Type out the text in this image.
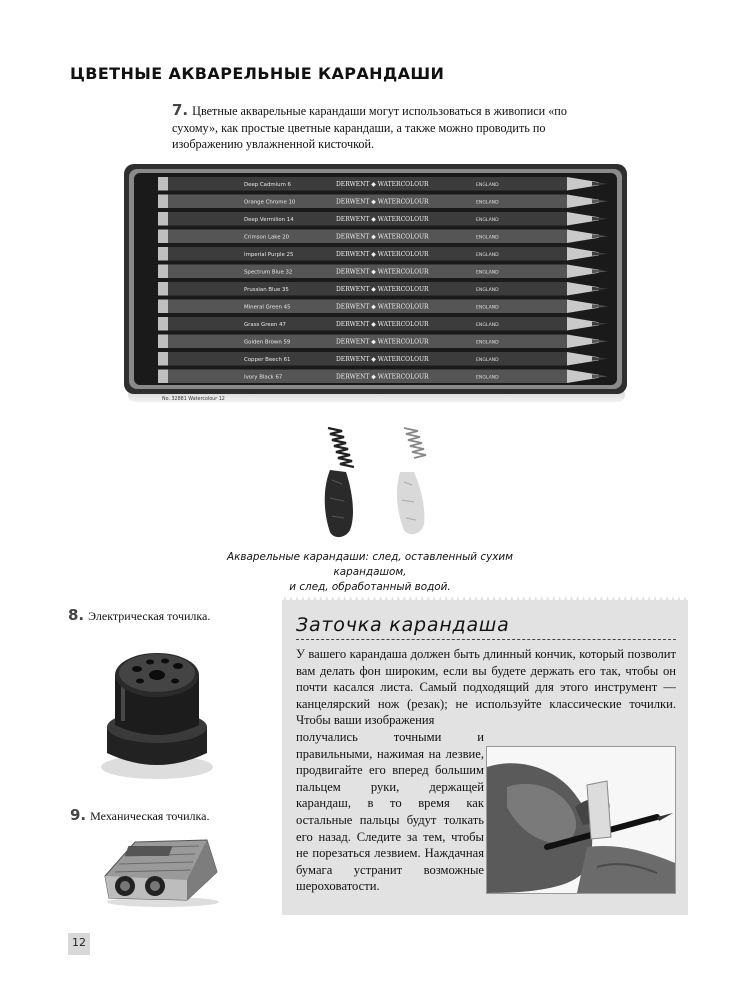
ЦВЕТНЫЕ АКВАРЕЛЬНЫЕ КАРАНДАШИ
7. Цветные акварельные карандаши могут использоваться в живописи «по сухому», как простые цветные карандаши, а также можно проводить по изображению увлажненной кисточкой.
Deep Cadmium 6	DERWENT ◆ WATERCOLOUR	ENGLAND
Orange Chrome 10	DERWENT ◆ WATERCOLOUR	ENGLAND
Deep Vermilion 14	DERWENT ◆ WATERCOLOUR	ENGLAND
Crimson Lake 20	DERWENT ◆ WATERCOLOUR	ENGLAND
Imperial Purple 25	DERWENT ◆ WATERCOLOUR	ENGLAND
Spectrum Blue 32	DERWENT ◆ WATERCOLOUR	ENGLAND
Prussian Blue 35	DERWENT ◆ WATERCOLOUR	ENGLAND
Mineral Green 45	DERWENT ◆ WATERCOLOUR	ENGLAND
Grass Green 47	DERWENT ◆ WATERCOLOUR	ENGLAND
Golden Brown 59	DERWENT ◆ WATERCOLOUR	ENGLAND
Copper Beech 61	DERWENT ◆ WATERCOLOUR	ENGLAND
Ivory Black 67	DERWENT ◆ WATERCOLOUR	ENGLAND
No. 32881 Watercolour 12
Акварельные карандаши: след, оставленный сухим карандашом,
и след, обработанный водой.
8. Электрическая точилка.
9. Механическая точилка.
Заточка карандаша
У вашего карандаша должен быть длинный кончик, который позволит вам делать фон широким, если вы будете держать его так, чтобы он почти касался листа. Самый подходящий для этого инструмент — канцелярский нож (резак); не используйте классические точилки. Чтобы ваши изображения
получались точными и правильными, нажимая на лезвие, продвигайте его вперед большим пальцем руки, держащей карандаш, в то время как остальные пальцы будут толкать его назад. Следите за тем, чтобы не порезаться лезвием. Наждачная бумага устранит возможные шероховатости.
12
